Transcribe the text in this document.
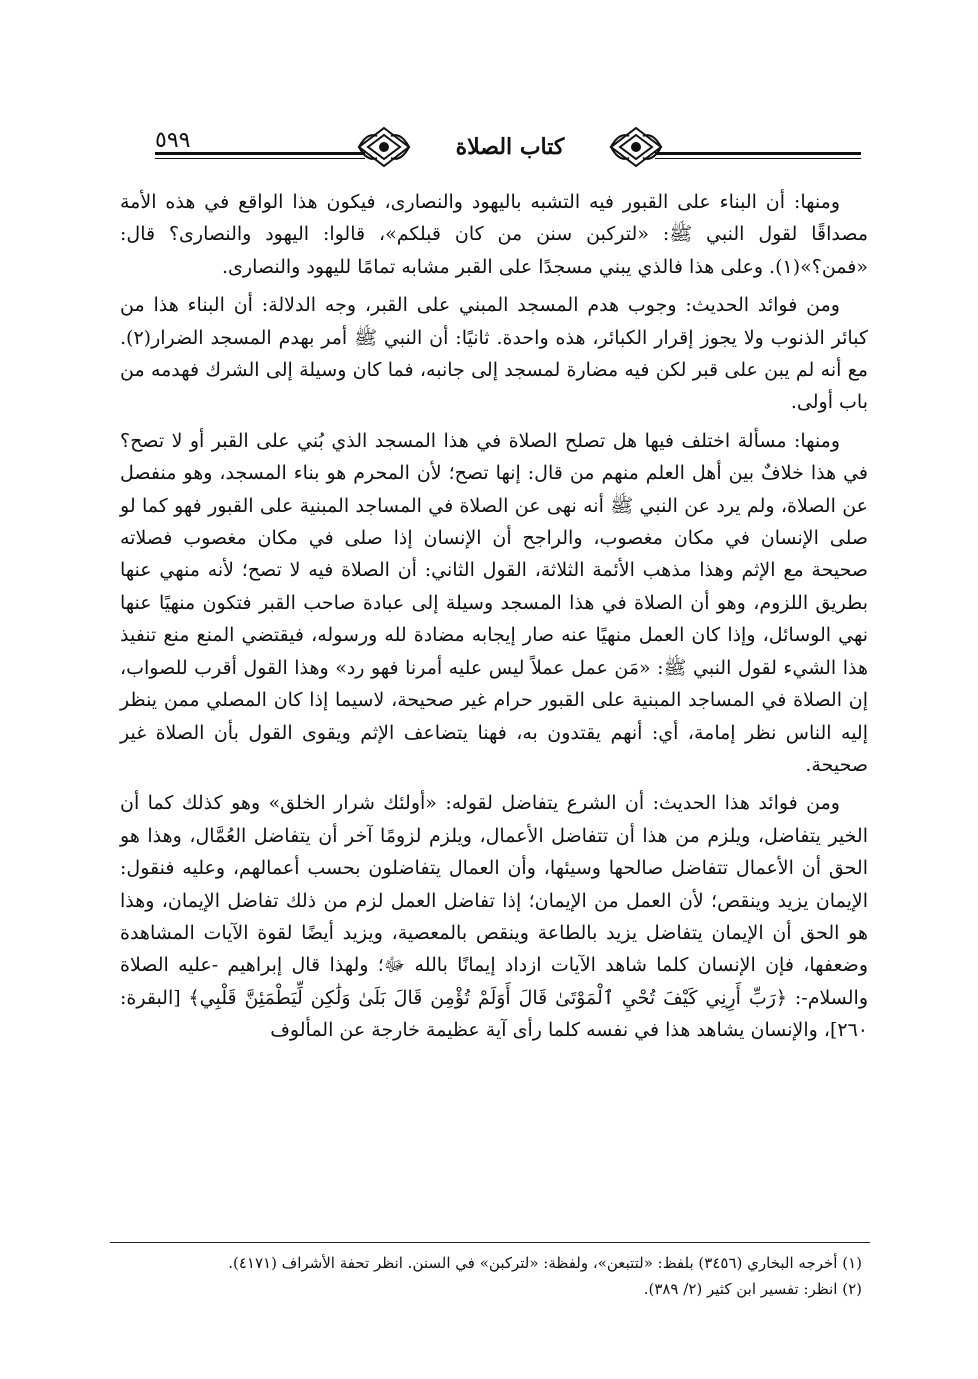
٥٩٩	كتاب الصلاة

ومنها: أن البناء على القبور فيه التشبه باليهود والنصارى، فيكون هذا الواقع في هذه الأمة مصداقًا لقول النبي ﷺ: «لتركبن سنن من كان قبلكم»، قالوا: اليهود والنصارى؟ قال: «فمن؟»(١). وعلى هذا فالذي يبني مسجدًا على القبر مشابه تمامًا لليهود والنصارى.

ومن فوائد الحديث: وجوب هدم المسجد المبني على القبر، وجه الدلالة: أن البناء هذا من كبائر الذنوب ولا يجوز إقرار الكبائر، هذه واحدة. ثانيًا: أن النبي ﷺ أمر بهدم المسجد الضرار(٢). مع أنه لم يبن على قبر لكن فيه مضارة لمسجد إلى جانبه، فما كان وسيلة إلى الشرك فهدمه من باب أولى.

ومنها: مسألة اختلف فيها هل تصلح الصلاة في هذا المسجد الذي بُني على القبر أو لا تصح؟ في هذا خلافٌ بين أهل العلم منهم من قال: إنها تصح؛ لأن المحرم هو بناء المسجد، وهو منفصل عن الصلاة، ولم يرد عن النبي ﷺ أنه نهى عن الصلاة في المساجد المبنية على القبور فهو كما لو صلى الإنسان في مكان مغصوب، والراجح أن الإنسان إذا صلى في مكان مغصوب فصلاته صحيحة مع الإثم وهذا مذهب الأئمة الثلاثة، القول الثاني: أن الصلاة فيه لا تصح؛ لأنه منهي عنها بطريق اللزوم، وهو أن الصلاة في هذا المسجد وسيلة إلى عبادة صاحب القبر فتكون منهيًا عنها نهي الوسائل، وإذا كان العمل منهيًا عنه صار إيجابه مضادة لله ورسوله، فيقتضي المنع منع تنفيذ هذا الشيء لقول النبي ﷺ: «مَن عمل عملاً ليس عليه أمرنا فهو رد» وهذا القول أقرب للصواب، إن الصلاة في المساجد المبنية على القبور حرام غير صحيحة، لاسيما إذا كان المصلي ممن ينظر إليه الناس نظر إمامة، أي: أنهم يقتدون به، فهنا يتضاعف الإثم ويقوى القول بأن الصلاة غير صحيحة.

ومن فوائد هذا الحديث: أن الشرع يتفاضل لقوله: «أولئك شرار الخلق» وهو كذلك كما أن الخير يتفاضل، ويلزم من هذا أن تتفاضل الأعمال، ويلزم لزومًا آخر أن يتفاضل العُمَّال، وهذا هو الحق أن الأعمال تتفاضل صالحها وسيئها، وأن العمال يتفاضلون بحسب أعمالهم، وعليه فنقول: الإيمان يزيد وينقص؛ لأن العمل من الإيمان؛ إذا تفاضل العمل لزم من ذلك تفاضل الإيمان، وهذا هو الحق أن الإيمان يتفاضل يزيد بالطاعة وينقص بالمعصية، ويزيد أيضًا لقوة الآيات المشاهدة وضعفها، فإن الإنسان كلما شاهد الآيات ازداد إيمانًا بالله ﷻ؛ ولهذا قال إبراهيم -عليه الصلاة والسلام-: ﴿رَبِّ أَرِنِي كَيْفَ تُحْيِ ٱلْمَوْتَىٰ قَالَ أَوَلَمْ تُؤْمِن قَالَ بَلَىٰ وَلَٰكِن لِّيَطْمَئِنَّ قَلْبِي﴾ [البقرة: ٢٦٠]، والإنسان يشاهد هذا في نفسه كلما رأى آية عظيمة خارجة عن المألوف

(١) أخرجه البخاري (٣٤٥٦) بلفظ: «لتتبعن»، ولفظة: «لتركبن» في السنن. انظر تحفة الأشراف (٤١٧١).
(٢) انظر: تفسير ابن كثير (٢/ ٣٨٩).
